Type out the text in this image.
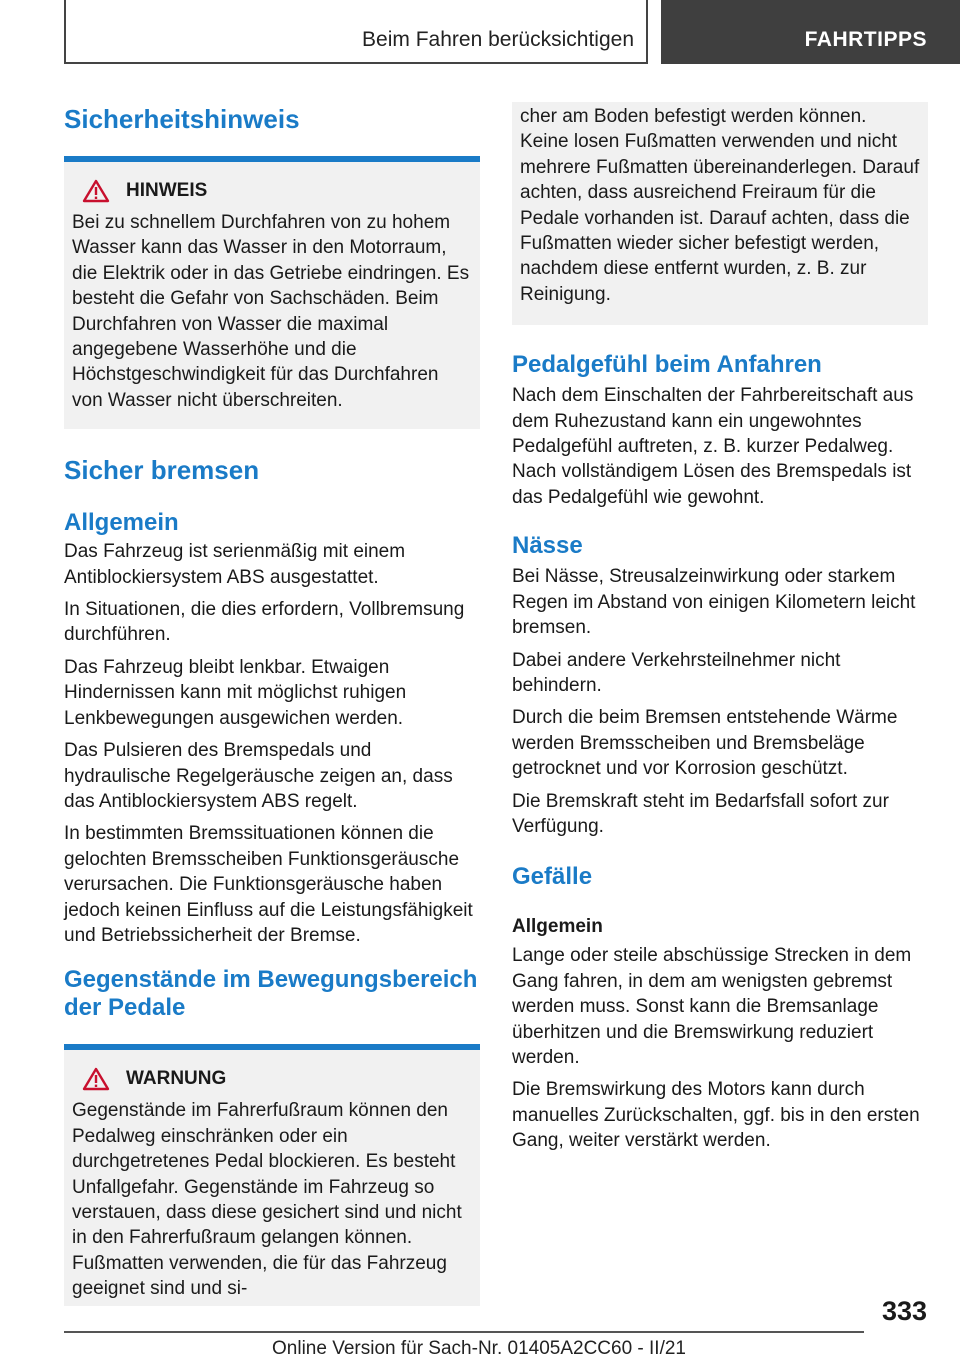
Beim Fahren berücksichtigen	FAHRTIPPS
Sicherheitshinweis
HINWEIS

Bei zu schnellem Durchfahren von zu hohem Wasser kann das Wasser in den Motorraum, die Elektrik oder in das Getriebe eindringen. Es besteht die Gefahr von Sachschäden. Beim Durchfahren von Wasser die maximal angegebene Wasserhöhe und die Höchstgeschwindigkeit für das Durchfahren von Wasser nicht überschreiten.

Sicher bremsen
Allgemein

Das Fahrzeug ist serienmäßig mit einem Antiblockiersystem ABS ausgestattet.

In Situationen, die dies erfordern, Vollbremsung durchführen.

Das Fahrzeug bleibt lenkbar. Etwaigen Hindernissen kann mit möglichst ruhigen Lenkbewegungen ausgewichen werden.

Das Pulsieren des Bremspedals und hydraulische Regelgeräusche zeigen an, dass das Antiblockiersystem ABS regelt.

In bestimmten Bremssituationen können die gelochten Bremsscheiben Funktionsgeräusche verursachen. Die Funktionsgeräusche haben jedoch keinen Einfluss auf die Leistungsfähigkeit und Betriebssicherheit der Bremse.

Gegenstände im Bewegungsbereich der Pedale
WARNUNG

Gegenstände im Fahrerfußraum können den Pedalweg einschränken oder ein durchgetretenes Pedal blockieren. Es besteht Unfallgefahr. Gegenstände im Fahrzeug so verstauen, dass diese gesichert sind und nicht in den Fahrerfußraum gelangen können. Fußmatten verwenden, die für das Fahrzeug geeignet sind und si-

cher am Boden befestigt werden können. Keine losen Fußmatten verwenden und nicht mehrere Fußmatten übereinanderlegen. Darauf achten, dass ausreichend Freiraum für die Pedale vorhanden ist. Darauf achten, dass die Fußmatten wieder sicher befestigt werden, nachdem diese entfernt wurden, z. B. zur Reinigung.

Pedalgefühl beim Anfahren

Nach dem Einschalten der Fahrbereitschaft aus dem Ruhezustand kann ein ungewohntes Pedalgefühl auftreten, z. B. kurzer Pedalweg. Nach vollständigem Lösen des Bremspedals ist das Pedalgefühl wie gewohnt.

Nässe

Bei Nässe, Streusalzeinwirkung oder starkem Regen im Abstand von einigen Kilometern leicht bremsen.

Dabei andere Verkehrsteilnehmer nicht behindern.

Durch die beim Bremsen entstehende Wärme werden Bremsscheiben und Bremsbeläge getrocknet und vor Korrosion geschützt.

Die Bremskraft steht im Bedarfsfall sofort zur Verfügung.

Gefälle
Allgemein

Lange oder steile abschüssige Strecken in dem Gang fahren, in dem am wenigsten gebremst werden muss. Sonst kann die Bremsanlage überhitzen und die Bremswirkung reduziert werden.

Die Bremswirkung des Motors kann durch manuelles Zurückschalten, ggf. bis in den ersten Gang, weiter verstärkt werden.

333
Online Version für Sach-Nr. 01405A2CC60 - II/21
